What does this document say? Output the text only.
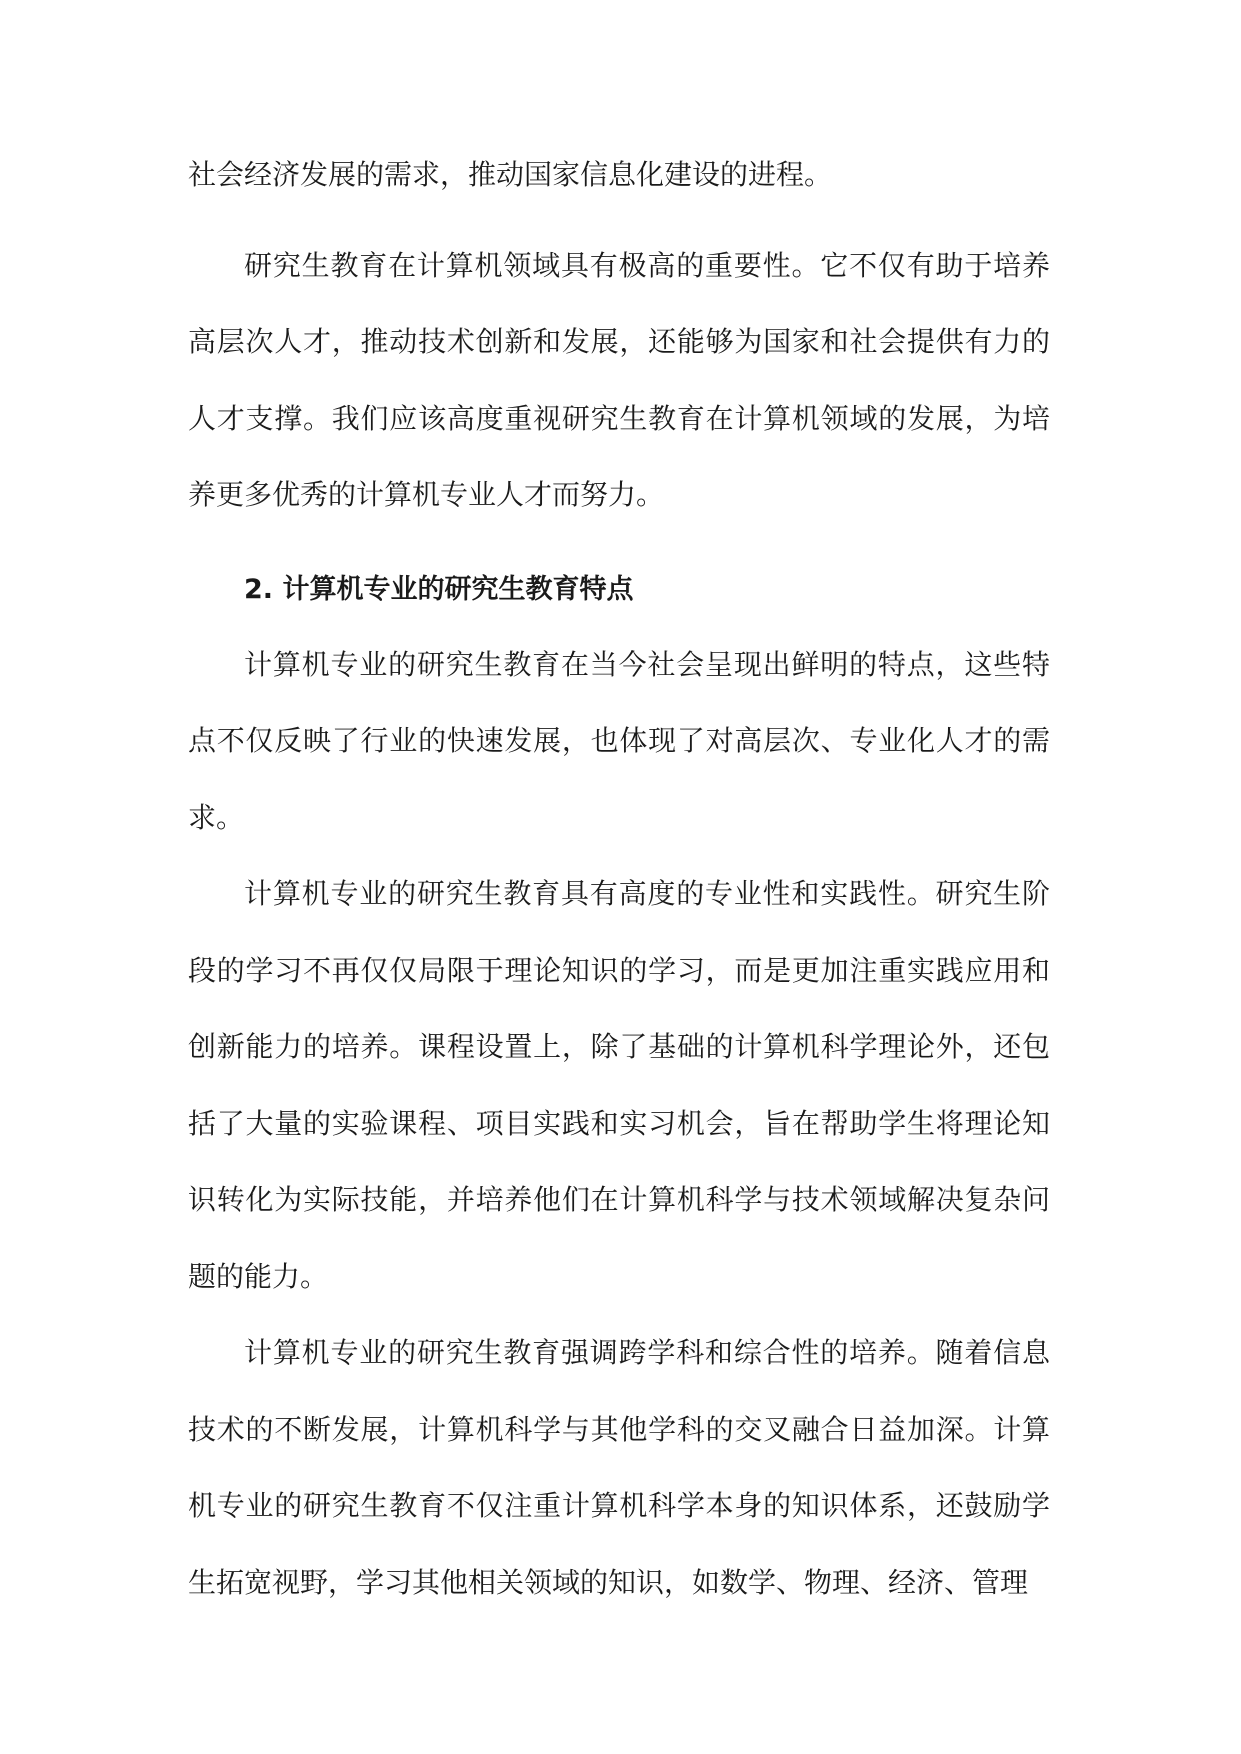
社会经济发展的需求，推动国家信息化建设的进程。

研究生教育在计算机领域具有极高的重要性。它不仅有助于培养高层次人才，推动技术创新和发展，还能够为国家和社会提供有力的人才支撑。我们应该高度重视研究生教育在计算机领域的发展，为培养更多优秀的计算机专业人才而努力。

2. 计算机专业的研究生教育特点

计算机专业的研究生教育在当今社会呈现出鲜明的特点，这些特点不仅反映了行业的快速发展，也体现了对高层次、专业化人才的需求。

计算机专业的研究生教育具有高度的专业性和实践性。研究生阶段的学习不再仅仅局限于理论知识的学习，而是更加注重实践应用和创新能力的培养。课程设置上，除了基础的计算机科学理论外，还包括了大量的实验课程、项目实践和实习机会，旨在帮助学生将理论知识转化为实际技能，并培养他们在计算机科学与技术领域解决复杂问题的能力。

计算机专业的研究生教育强调跨学科和综合性的培养。随着信息技术的不断发展，计算机科学与其他学科的交叉融合日益加深。计算机专业的研究生教育不仅注重计算机科学本身的知识体系，还鼓励学生拓宽视野，学习其他相关领域的知识，如数学、物理、经济、管理
